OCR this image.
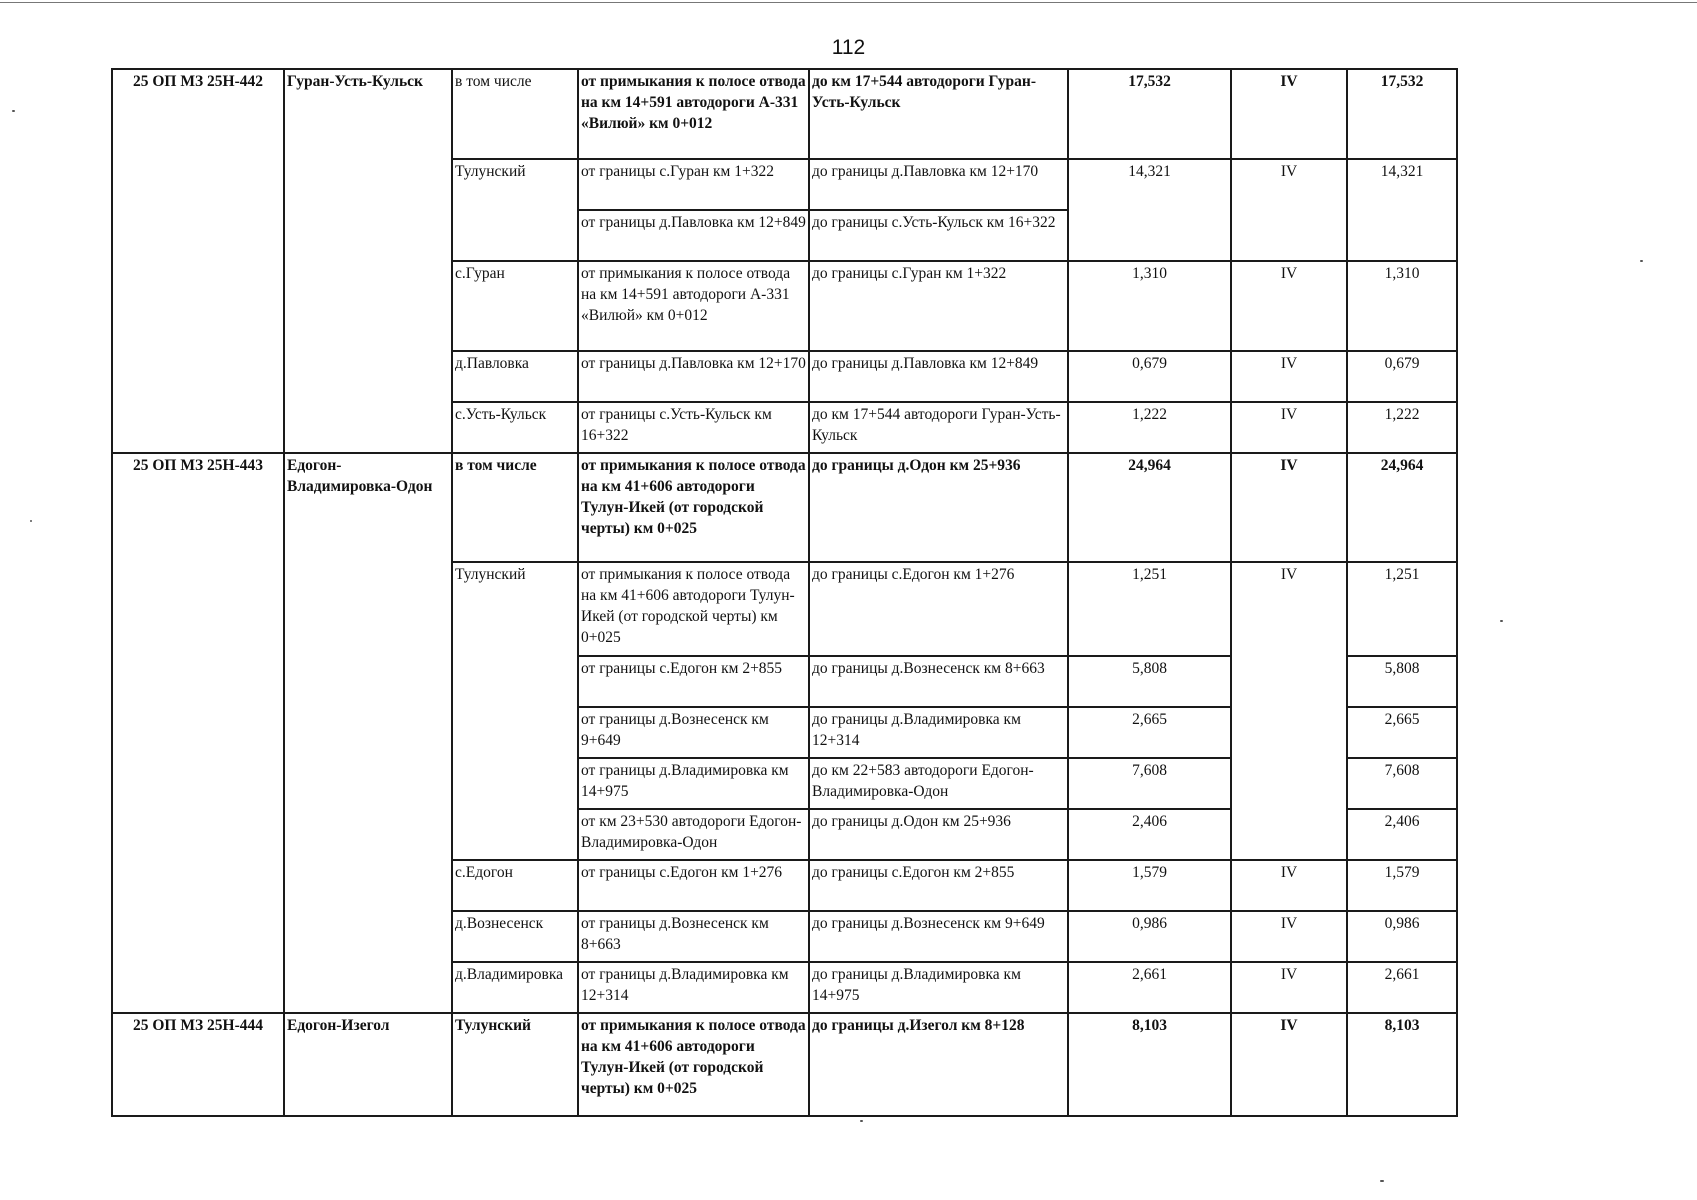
112
25 ОП МЗ 25Н-442	Гуран-Усть-Кульск	в том числе	от примыкания к полосе отвода на км 14+591 автодороги А-331 «Вилюй» км 0+012	до км 17+544 автодороги Гуран-Усть-Кульск	17,532	IV	17,532
		Тулунский	от границы с.Гуран км 1+322	до границы д.Павловка км 12+170	14,321	IV	14,321
			от границы д.Павловка км 12+849	до границы с.Усть-Кульск км 16+322			
		с.Гуран	от примыкания к полосе отвода на км 14+591 автодороги А-331 «Вилюй» км 0+012	до границы с.Гуран км 1+322	1,310	IV	1,310
		д.Павловка	от границы д.Павловка км 12+170	до границы д.Павловка км 12+849	0,679	IV	0,679
		с.Усть-Кульск	от границы с.Усть-Кульск км 16+322	до км 17+544 автодороги Гуран-Усть-Кульск	1,222	IV	1,222

25 ОП МЗ 25Н-443	Едогон-Владимировка-Одон	в том числе	от примыкания к полосе отвода на км 41+606 автодороги Тулун-Икей (от городской черты) км 0+025	до границы д.Одон км 25+936	24,964	IV	24,964
		Тулунский	от примыкания к полосе отвода на км 41+606 автодороги Тулун-Икей (от городской черты) км 0+025	до границы с.Едогон км 1+276	1,251	IV	1,251
			от границы с.Едогон км 2+855	до границы д.Вознесенск км 8+663	5,808		5,808
			от границы д.Вознесенск км 9+649	до границы д.Владимировка км 12+314	2,665		2,665
			от границы д.Владимировка км 14+975	до км 22+583 автодороги Едогон-Владимировка-Одон	7,608		7,608
			от км 23+530 автодороги Едогон-Владимировка-Одон	до границы д.Одон км 25+936	2,406		2,406
		с.Едогон	от границы с.Едогон км 1+276	до границы с.Едогон км 2+855	1,579	IV	1,579
		д.Вознесенск	от границы д.Вознесенск км 8+663	до границы д.Вознесенск км 9+649	0,986	IV	0,986
		д.Владимировка	от границы д.Владимировка км 12+314	до границы д.Владимировка км 14+975	2,661	IV	2,661
25 ОП МЗ 25Н-444	Едогон-Изегол	Тулунский	от примыкания к полосе отвода на км 41+606 автодороги Тулун-Икей (от городской черты) км 0+025	до границы д.Изегол км 8+128	8,103	IV	8,103
